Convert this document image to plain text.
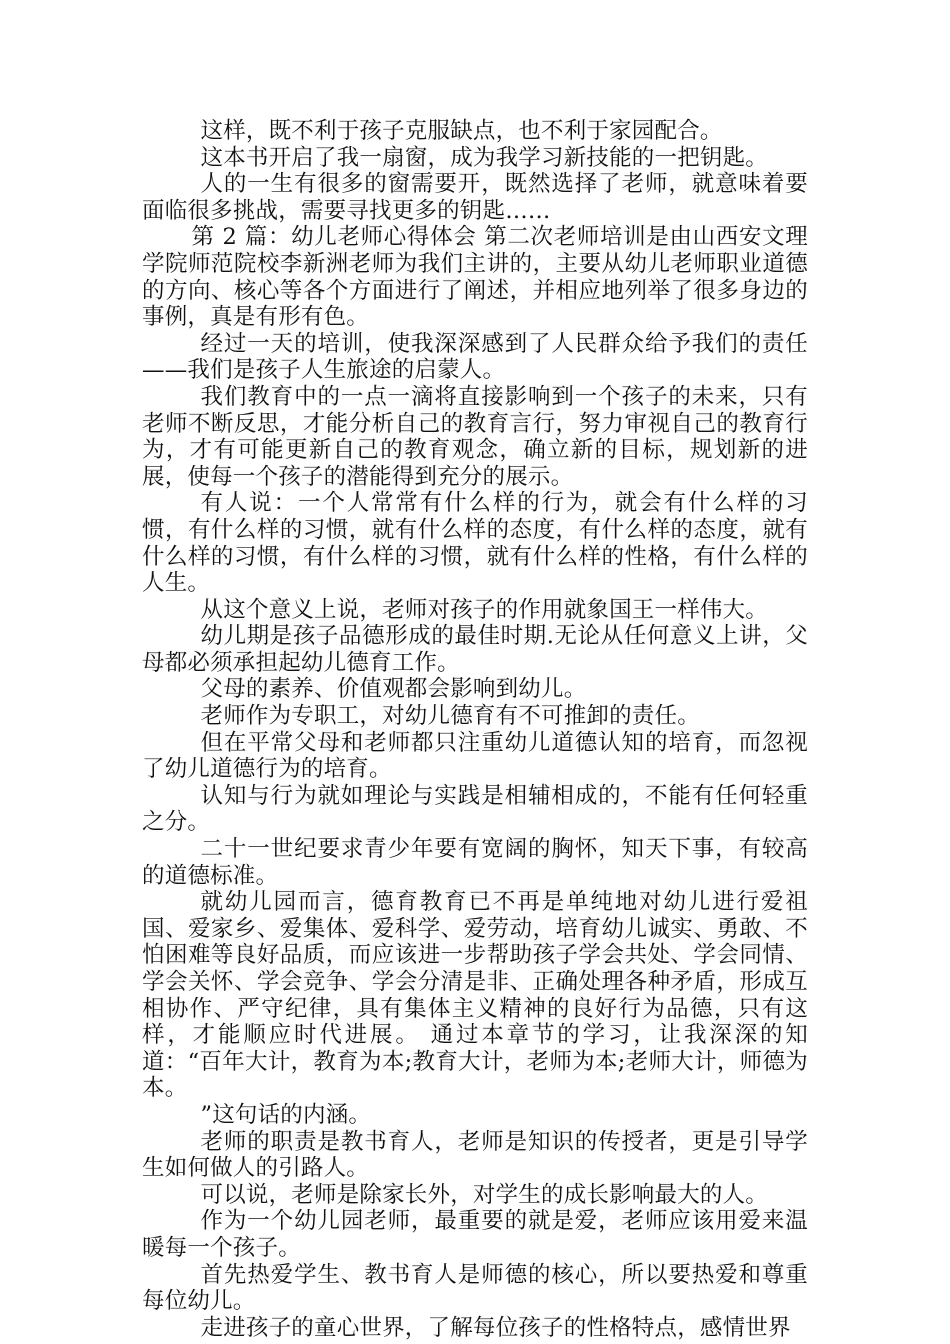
这样，既不利于孩子克服缺点，也不利于家园配合。

这本书开启了我一扇窗，成为我学习新技能的一把钥匙。

人的一生有很多的窗需要开，既然选择了老师，就意味着要面临很多挑战，需要寻找更多的钥匙……

第 2 篇：幼儿老师心得体会 第二次老师培训是由山西安文理学院师范院校李新洲老师为我们主讲的，主要从幼儿老师职业道德的方向、核心等各个方面进行了阐述，并相应地列举了很多身边的事例，真是有形有色。

经过一天的培训，使我深深感到了人民群众给予我们的责任——我们是孩子人生旅途的启蒙人。

我们教育中的一点一滴将直接影响到一个孩子的未来，只有老师不断反思，才能分析自己的教育言行，努力审视自己的教育行为，才有可能更新自己的教育观念，确立新的目标，规划新的进展，使每一个孩子的潜能得到充分的展示。

有人说：一个人常常有什么样的行为，就会有什么样的习惯，有什么样的习惯，就有什么样的态度，有什么样的态度，就有什么样的习惯，有什么样的习惯，就有什么样的性格，有什么样的人生。

从这个意义上说，老师对孩子的作用就象国王一样伟大。

幼儿期是孩子品德形成的最佳时期.无论从任何意义上讲，父母都必须承担起幼儿德育工作。

父母的素养、价值观都会影响到幼儿。

老师作为专职工，对幼儿德育有不可推卸的责任。

但在平常父母和老师都只注重幼儿道德认知的培育，而忽视了幼儿道德行为的培育。

认知与行为就如理论与实践是相辅相成的，不能有任何轻重之分。

二十一世纪要求青少年要有宽阔的胸怀，知天下事，有较高的道德标准。

就幼儿园而言，德育教育已不再是单纯地对幼儿进行爱祖国、爱家乡、爱集体、爱科学、爱劳动，培育幼儿诚实、勇敢、不怕困难等良好品质，而应该进一步帮助孩子学会共处、学会同情、学会关怀、学会竞争、学会分清是非、正确处理各种矛盾，形成互相协作、严守纪律，具有集体主义精神的良好行为品德，只有这样，才能顺应时代进展。 通过本章节的学习，让我深深的知道：“百年大计，教育为本;教育大计，老师为本;老师大计，师德为本。

”这句话的内涵。

老师的职责是教书育人，老师是知识的传授者，更是引导学生如何做人的引路人。

可以说，老师是除家长外，对学生的成长影响最大的人。

作为一个幼儿园老师，最重要的就是爱，老师应该用爱来温暖每一个孩子。

首先热爱学生、教书育人是师德的核心，所以要热爱和尊重每位幼儿。

走进孩子的童心世界，了解每位孩子的性格特点，感情世界
